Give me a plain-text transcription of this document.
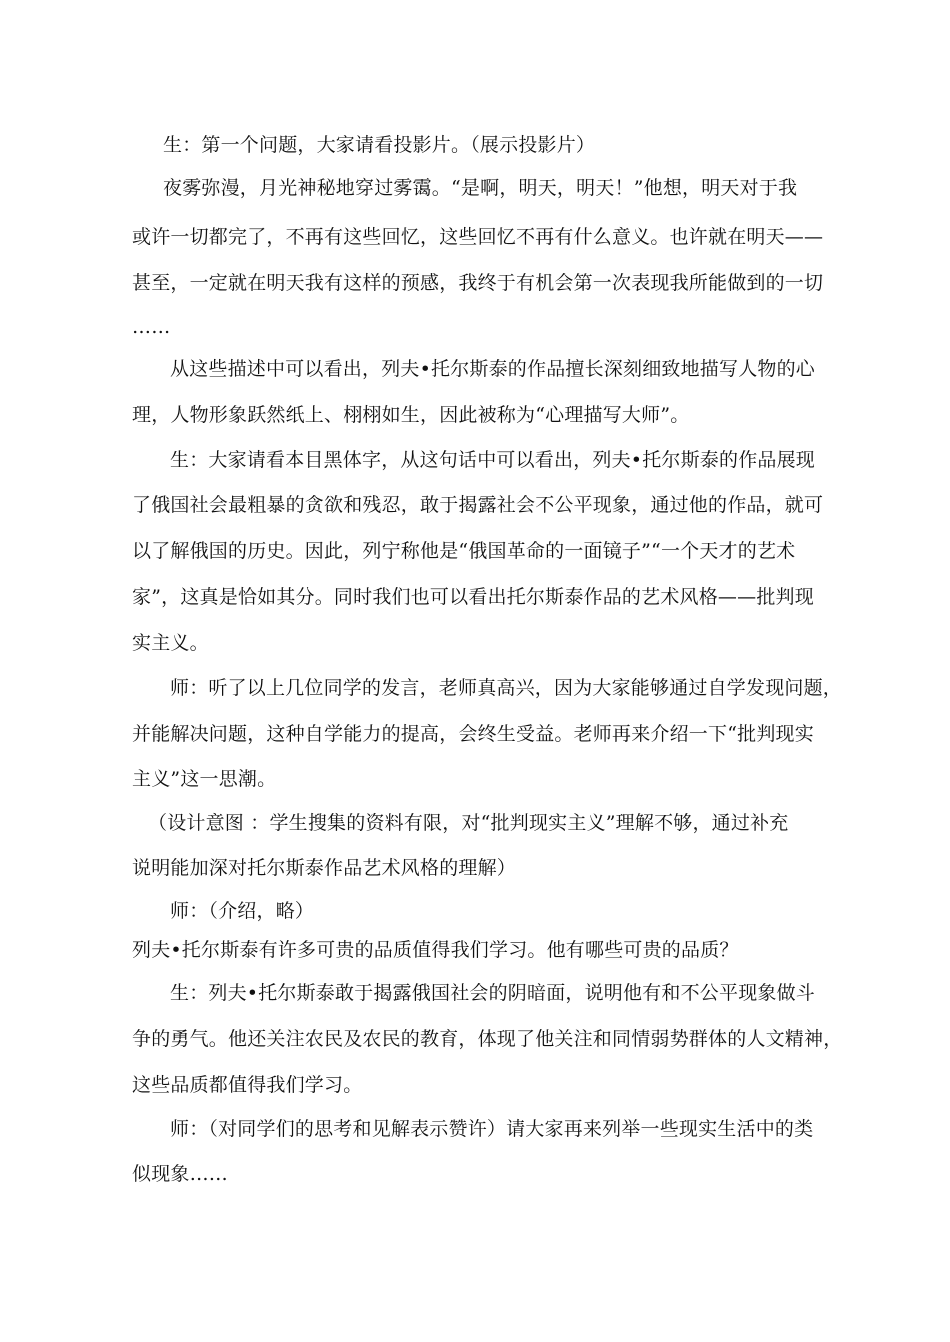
生：第一个问题，大家请看投影片。（展示投影片）
夜雾弥漫，月光神秘地穿过雾霭。“是啊，明天，明天！”他想，明天对于我
或许一切都完了，不再有这些回忆，这些回忆不再有什么意义。也许就在明天——
甚至，一定就在明天我有这样的预感，我终于有机会第一次表现我所能做到的一切
……
从这些描述中可以看出，列夫•托尔斯泰的作品擅长深刻细致地描写人物的心
理，人物形象跃然纸上、栩栩如生，因此被称为“心理描写大师”。
生：大家请看本目黑体字，从这句话中可以看出，列夫•托尔斯泰的作品展现
了俄国社会最粗暴的贪欲和残忍，敢于揭露社会不公平现象，通过他的作品，就可
以了解俄国的历史。因此，列宁称他是“俄国革命的一面镜子”“一个天才的艺术
家”，这真是恰如其分。同时我们也可以看出托尔斯泰作品的艺术风格——批判现
实主义。
师：听了以上几位同学的发言，老师真高兴，因为大家能够通过自学发现问题，
并能解决问题，这种自学能力的提高，会终生受益。老师再来介绍一下“批判现实
主义”这一思潮。
（设计意图 ：学生搜集的资料有限，对“批判现实主义”理解不够，通过补充
说明能加深对托尔斯泰作品艺术风格的理解）
师：（介绍，略）
列夫•托尔斯泰有许多可贵的品质值得我们学习。他有哪些可贵的品质？
生：列夫•托尔斯泰敢于揭露俄国社会的阴暗面，说明他有和不公平现象做斗
争的勇气。他还关注农民及农民的教育，体现了他关注和同情弱势群体的人文精神，
这些品质都值得我们学习。
师：（对同学们的思考和见解表示赞许）请大家再来列举一些现实生活中的类
似现象……
